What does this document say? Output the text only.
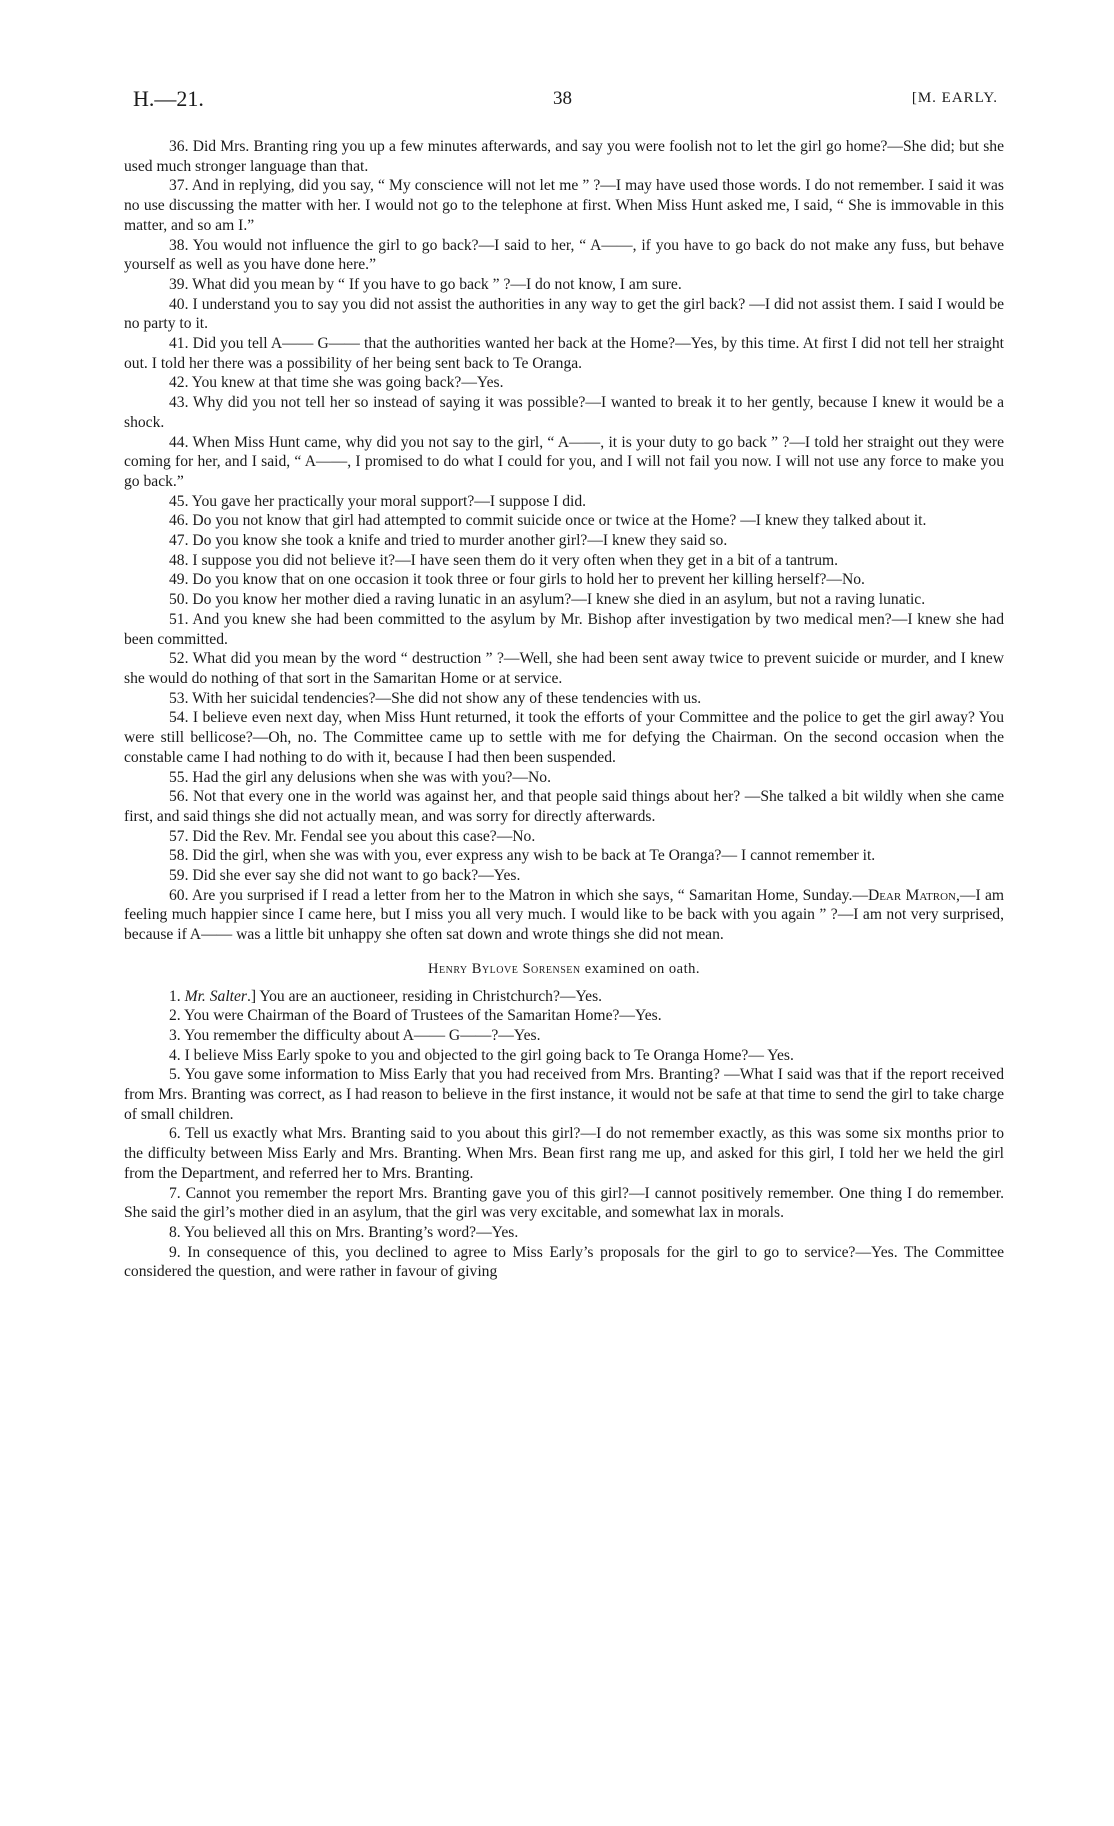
H.—21.	38	[M. EARLY.

36. Did Mrs. Branting ring you up a few minutes afterwards, and say you were foolish not to let the girl go home?—She did; but she used much stronger language than that.

37. And in replying, did you say, “ My conscience will not let me ” ?—I may have used those words. I do not remember. I said it was no use discussing the matter with her. I would not go to the telephone at first. When Miss Hunt asked me, I said, “ She is immovable in this matter, and so am I.”

38. You would not influence the girl to go back?—I said to her, “ A——, if you have to go back do not make any fuss, but behave yourself as well as you have done here.”

39. What did you mean by “ If you have to go back ” ?—I do not know, I am sure.

40. I understand you to say you did not assist the authorities in any way to get the girl back? —I did not assist them. I said I would be no party to it.

41. Did you tell A—— G—— that the authorities wanted her back at the Home?—Yes, by this time. At first I did not tell her straight out. I told her there was a possibility of her being sent back to Te Oranga.

42. You knew at that time she was going back?—Yes.

43. Why did you not tell her so instead of saying it was possible?—I wanted to break it to her gently, because I knew it would be a shock.

44. When Miss Hunt came, why did you not say to the girl, “ A——, it is your duty to go back ” ?—I told her straight out they were coming for her, and I said, “ A——, I promised to do what I could for you, and I will not fail you now. I will not use any force to make you go back.”

45. You gave her practically your moral support?—I suppose I did.

46. Do you not know that girl had attempted to commit suicide once or twice at the Home? —I knew they talked about it.

47. Do you know she took a knife and tried to murder another girl?—I knew they said so.

48. I suppose you did not believe it?—I have seen them do it very often when they get in a bit of a tantrum.

49. Do you know that on one occasion it took three or four girls to hold her to prevent her killing herself?—No.

50. Do you know her mother died a raving lunatic in an asylum?—I knew she died in an asylum, but not a raving lunatic.

51. And you knew she had been committed to the asylum by Mr. Bishop after investigation by two medical men?—I knew she had been committed.

52. What did you mean by the word “ destruction ” ?—Well, she had been sent away twice to prevent suicide or murder, and I knew she would do nothing of that sort in the Samaritan Home or at service.

53. With her suicidal tendencies?—She did not show any of these tendencies with us.

54. I believe even next day, when Miss Hunt returned, it took the efforts of your Committee and the police to get the girl away? You were still bellicose?—Oh, no. The Committee came up to settle with me for defying the Chairman. On the second occasion when the constable came I had nothing to do with it, because I had then been suspended.

55. Had the girl any delusions when she was with you?—No.

56. Not that every one in the world was against her, and that people said things about her? —She talked a bit wildly when she came first, and said things she did not actually mean, and was sorry for directly afterwards.

57. Did the Rev. Mr. Fendal see you about this case?—No.

58. Did the girl, when she was with you, ever express any wish to be back at Te Oranga?— I cannot remember it.

59. Did she ever say she did not want to go back?—Yes.

60. Are you surprised if I read a letter from her to the Matron in which she says, “ Samaritan Home, Sunday.—Dear Matron,—I am feeling much happier since I came here, but I miss you all very much. I would like to be back with you again ” ?—I am not very surprised, because if A—— was a little bit unhappy she often sat down and wrote things she did not mean.

Henry Bylove Sorensen examined on oath.

1. Mr. Salter.] You are an auctioneer, residing in Christchurch?—Yes.

2. You were Chairman of the Board of Trustees of the Samaritan Home?—Yes.

3. You remember the difficulty about A—— G——?—Yes.

4. I believe Miss Early spoke to you and objected to the girl going back to Te Oranga Home?— Yes.

5. You gave some information to Miss Early that you had received from Mrs. Branting? —What I said was that if the report received from Mrs. Branting was correct, as I had reason to believe in the first instance, it would not be safe at that time to send the girl to take charge of small children.

6. Tell us exactly what Mrs. Branting said to you about this girl?—I do not remember exactly, as this was some six months prior to the difficulty between Miss Early and Mrs. Branting. When Mrs. Bean first rang me up, and asked for this girl, I told her we held the girl from the Department, and referred her to Mrs. Branting.

7. Cannot you remember the report Mrs. Branting gave you of this girl?—I cannot positively remember. One thing I do remember. She said the girl’s mother died in an asylum, that the girl was very excitable, and somewhat lax in morals.

8. You believed all this on Mrs. Branting’s word?—Yes.

9. In consequence of this, you declined to agree to Miss Early’s proposals for the girl to go to service?—Yes. The Committee considered the question, and were rather in favour of giving
